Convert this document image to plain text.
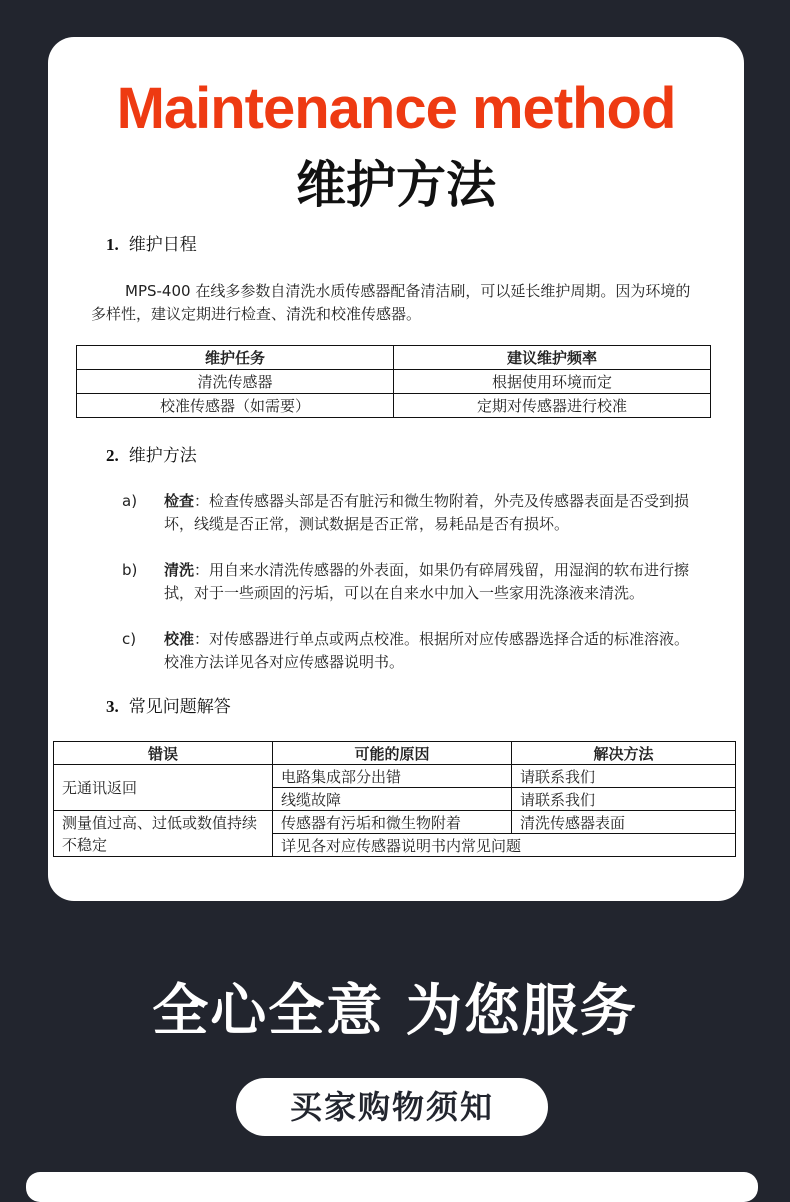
Maintenance method
维护方法
1. 维护日程
MPS-400 在线多参数自清洗水质传感器配备清洁刷，可以延长维护周期。因为环境的多样性，建议定期进行检查、清洗和校准传感器。
维护任务	建议维护频率
清洗传感器	根据使用环境而定
校准传感器（如需要）	定期对传感器进行校准
2. 维护方法
a) 检查：检查传感器头部是否有脏污和微生物附着，外壳及传感器表面是否受到损坏，线缆是否正常，测试数据是否正常，易耗品是否有损坏。
b) 清洗：用自来水清洗传感器的外表面，如果仍有碎屑残留，用湿润的软布进行擦拭，对于一些顽固的污垢，可以在自来水中加入一些家用洗涤液来清洗。
c) 校准：对传感器进行单点或两点校准。根据所对应传感器选择合适的标准溶液。 校准方法详见各对应传感器说明书。
3. 常见问题解答
错误	可能的原因	解决方法
无通讯返回	电路集成部分出错	请联系我们
	线缆故障	请联系我们
测量值过高、过低或数值持续不稳定	传感器有污垢和微生物附着	清洗传感器表面
	详见各对应传感器说明书内常见问题	
全心全意 为您服务
买家购物须知
